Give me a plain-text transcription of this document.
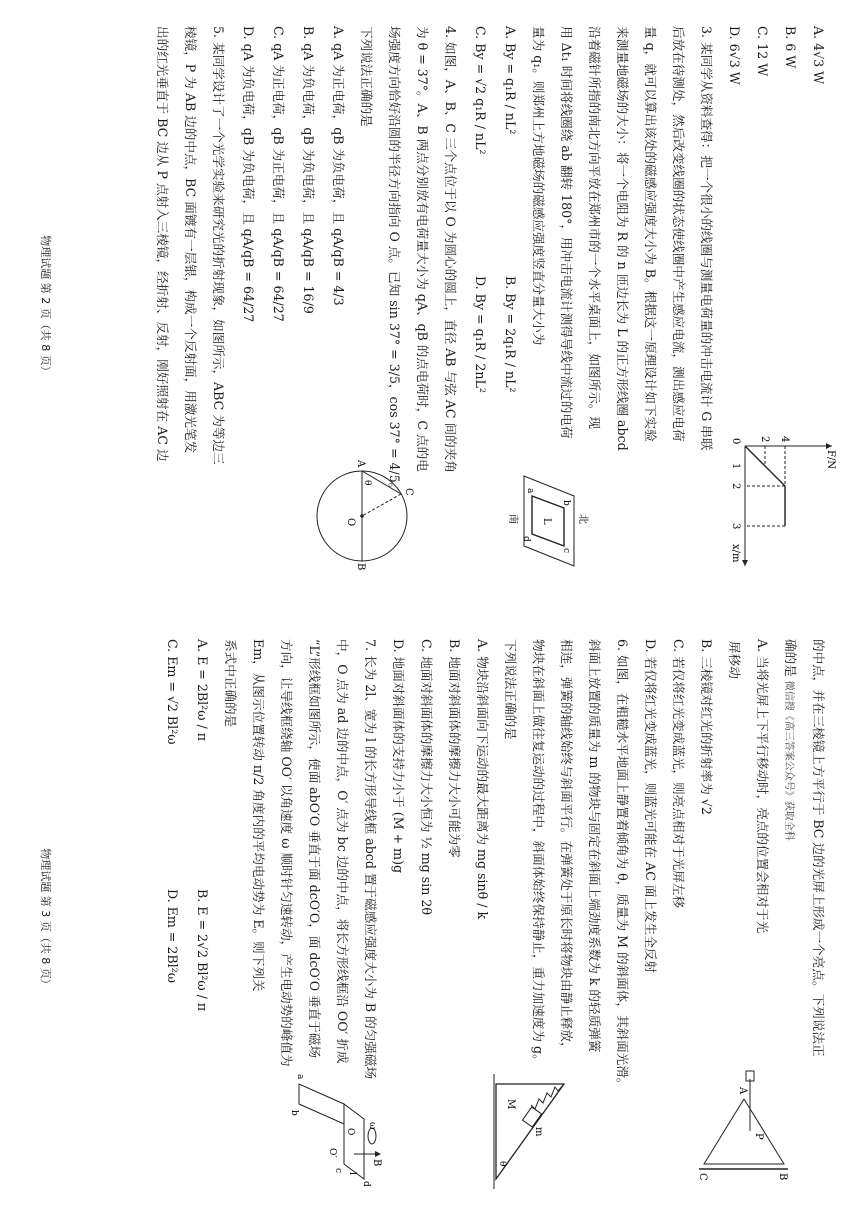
A. 4√3 W
B. 6 W
C. 12 W
D. 6√3 W
F/N
x/m
4
2
0
1
2
3
3. 某同学从资料查得：把一个很小的线圈与测量电荷量的冲击电流计 G 串联
后放在待测处，然后改变线圈的状态使线圈中产生感应电流，测出感应电荷
量 q，就可以算出该处的磁感应强度大小为 B。根据这一原理设计如下实验
来测量地磁场的大小：将一个电阻为 R 的 n 匝边长为 L 的正方形线圈 abcd
沿着磁针所指的南北方向平放在郑州市的一个水平桌面上，如图所示。现
用 Δt₁ 时间将线圈绕 ab 翻转 180°，用冲击电流计测得导线中流过的电荷
量为 q₁。则郑州上方地磁场的磁感应强度竖直分量大小为
A. By = q₁R / nL²B. By = 2q₁R / nL²
C. By = √2 q₁R / nL²D. By = q₁R / 2nL²
北
南
a
b
c
d
L
4. 如图，A、B、C 三个点位于以 O 为圆心的圆上，直径 AB 与弦 AC 间的夹角
为 θ = 37°。A、B 两点分别放有电荷量大小为 qA、qB 的点电荷时，C 点的电
场强度方向恰好沿圆的半径方向指向 O 点。已知 sin 37° = 3/5，cos 37° = 4/5。
下列说法正确的是
A. qA 为正电荷，qB 为负电荷，且 qA/qB = 4/3
B. qA 为负电荷，qB 为负电荷，且 qA/qB = 16/9
C. qA 为正电荷，qB 为正电荷，且 qA/qB = 64/27
D. qA 为负电荷，qB 为负电荷，且 qA/qB = 64/27
A
B
C
O
θ
5. 某同学设计了一个光学实验来研究光的折射现象，如图所示，ABC 为等边三
棱镜，P 为 AB 边的中点，BC 面镀有一层银，构成一个反射面，用激光笔发
出的红光垂直于 BC 边从 P 点射入三棱镜，经折射、反射，刚好照射在 AC 边
物理试题 第 2 页（共 8 页）
的中点，并在三棱镜上方平行于 BC 边的光屏上形成一个亮点。下列说法正
确的是 微信搜《高三答案公众号》获取全科
A. 当将光屏上下平行移动时，亮点的位置会相对于光
屏移动
B. 三棱镜对红光的折射率为 √2
C. 若仅将红光变成蓝光，则亮点相对于光屏左移
D. 若仅将红光变成蓝光，则蓝光可能在 AC 面上发生全反射
A
B
C
P
6. 如图，在粗糙水平地面上静置着倾角为 θ，质量为 M 的斜面体，其斜面光滑。
斜面上放置的质量为 m 的物块与固定在斜面上端劲度系数为 k 的轻质弹簧
相连，弹簧的轴线始终与斜面平行。在弹簧处于原长时将物块由静止释放，
物块在斜面上做往复运动的过程中，斜面体始终保持静止，重力加速度为 g。
下列说法正确的是
A. 物块沿斜面向下运动的最大距离为 mg sinθ / k
B. 地面对斜面体的摩擦力大小可能为零
C. 地面对斜面体的摩擦力大小恒为 ½ mg sin 2θ
D. 地面对斜面体的支持力小于 (M + m)g
m
M
θ
7. 长为 2l、宽为 l 的长方形导线框 abcd 置于磁感应强度大小为 B 的匀强磁场
中，O 点为 ad 边的中点，O′ 点为 bc 边的中点，将长方形线框沿 OO′ 折成
“L”形线框如图所示，使面 abO′O 垂直于面 dcO′O，面 dcO′O 垂直于磁场
方向，让导线框绕轴 OO′ 以角速度 ω 顺时针匀速转动，产生电动势的峰值为
Em，从图示位置转动 π/2 角度内的平均电动势为 E。则下列关
系式中正确的是
A. E = 2Bl²ω / πB. E = 2√2 Bl²ω / π
C. Em = √2 Bl²ωD. Em = 2Bl²ω
B
a
b
c
d
O
O′
ω
l
物理试题 第 3 页（共 8 页）
